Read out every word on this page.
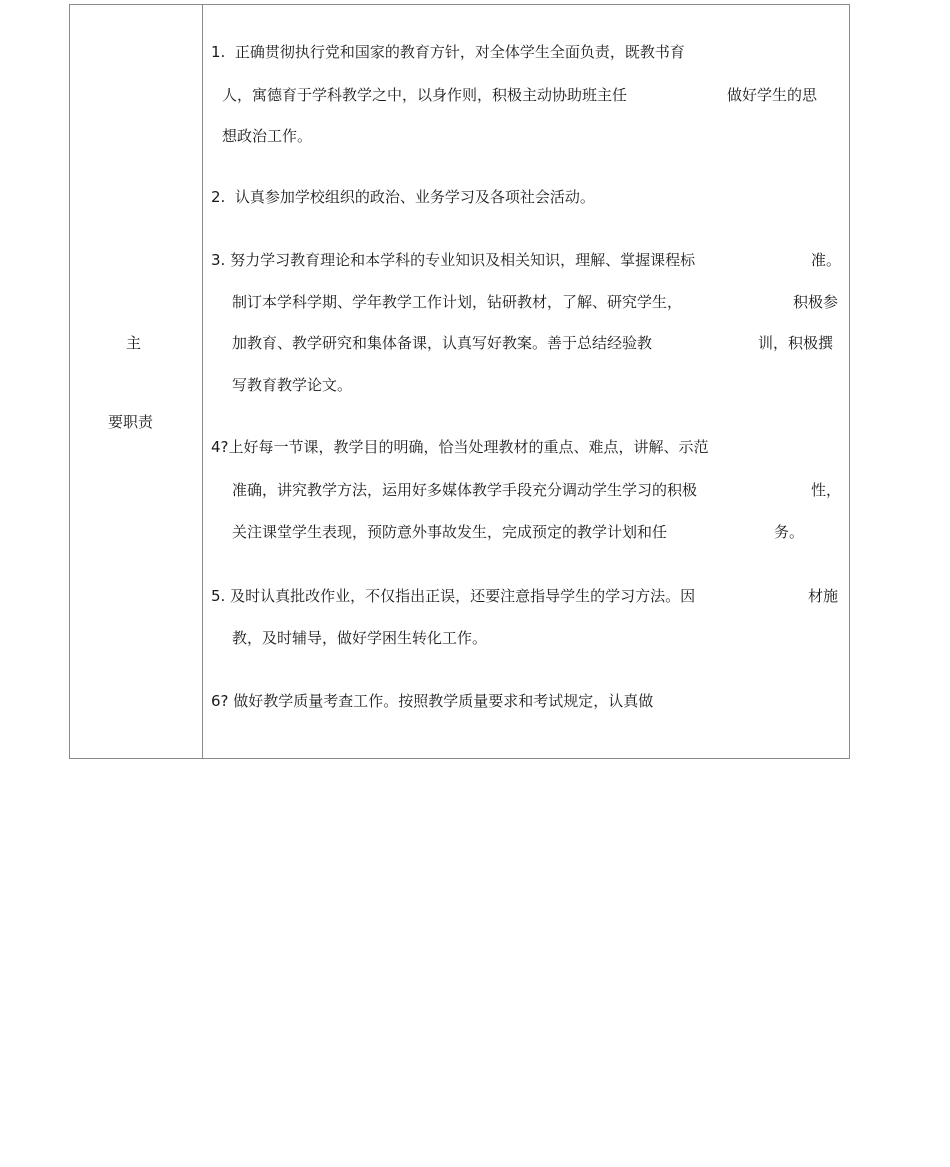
主
要职责
1.  正确贯彻执行党和国家的教育方针，对全体学生全面负责，既教书育
人，寓德育于学科教学之中，以身作则，积极主动协助班主任	做好学生的思
想政治工作。
2.  认真参加学校组织的政治、业务学习及各项社会活动。
3. 努力学习教育理论和本学科的专业知识及相关知识，理解、掌握课程标	准。
制订本学科学期、学年教学工作计划，钻研教材，了解、研究学生，	积极参
加教育、教学研究和集体备课，认真写好教案。善于总结经验教	训，积极撰
写教育教学论文。
4?上好每一节课，教学目的明确，恰当处理教材的重点、难点，讲解、示范
准确，讲究教学方法，运用好多媒体教学手段充分调动学生学习的积极	性，
关注课堂学生表现，预防意外事故发生，完成预定的教学计划和任	务。
5. 及时认真批改作业，不仅指出正误，还要注意指导学生的学习方法。因	材施
教，及时辅导，做好学困生转化工作。
6? 做好教学质量考查工作。按照教学质量要求和考试规定，认真做
